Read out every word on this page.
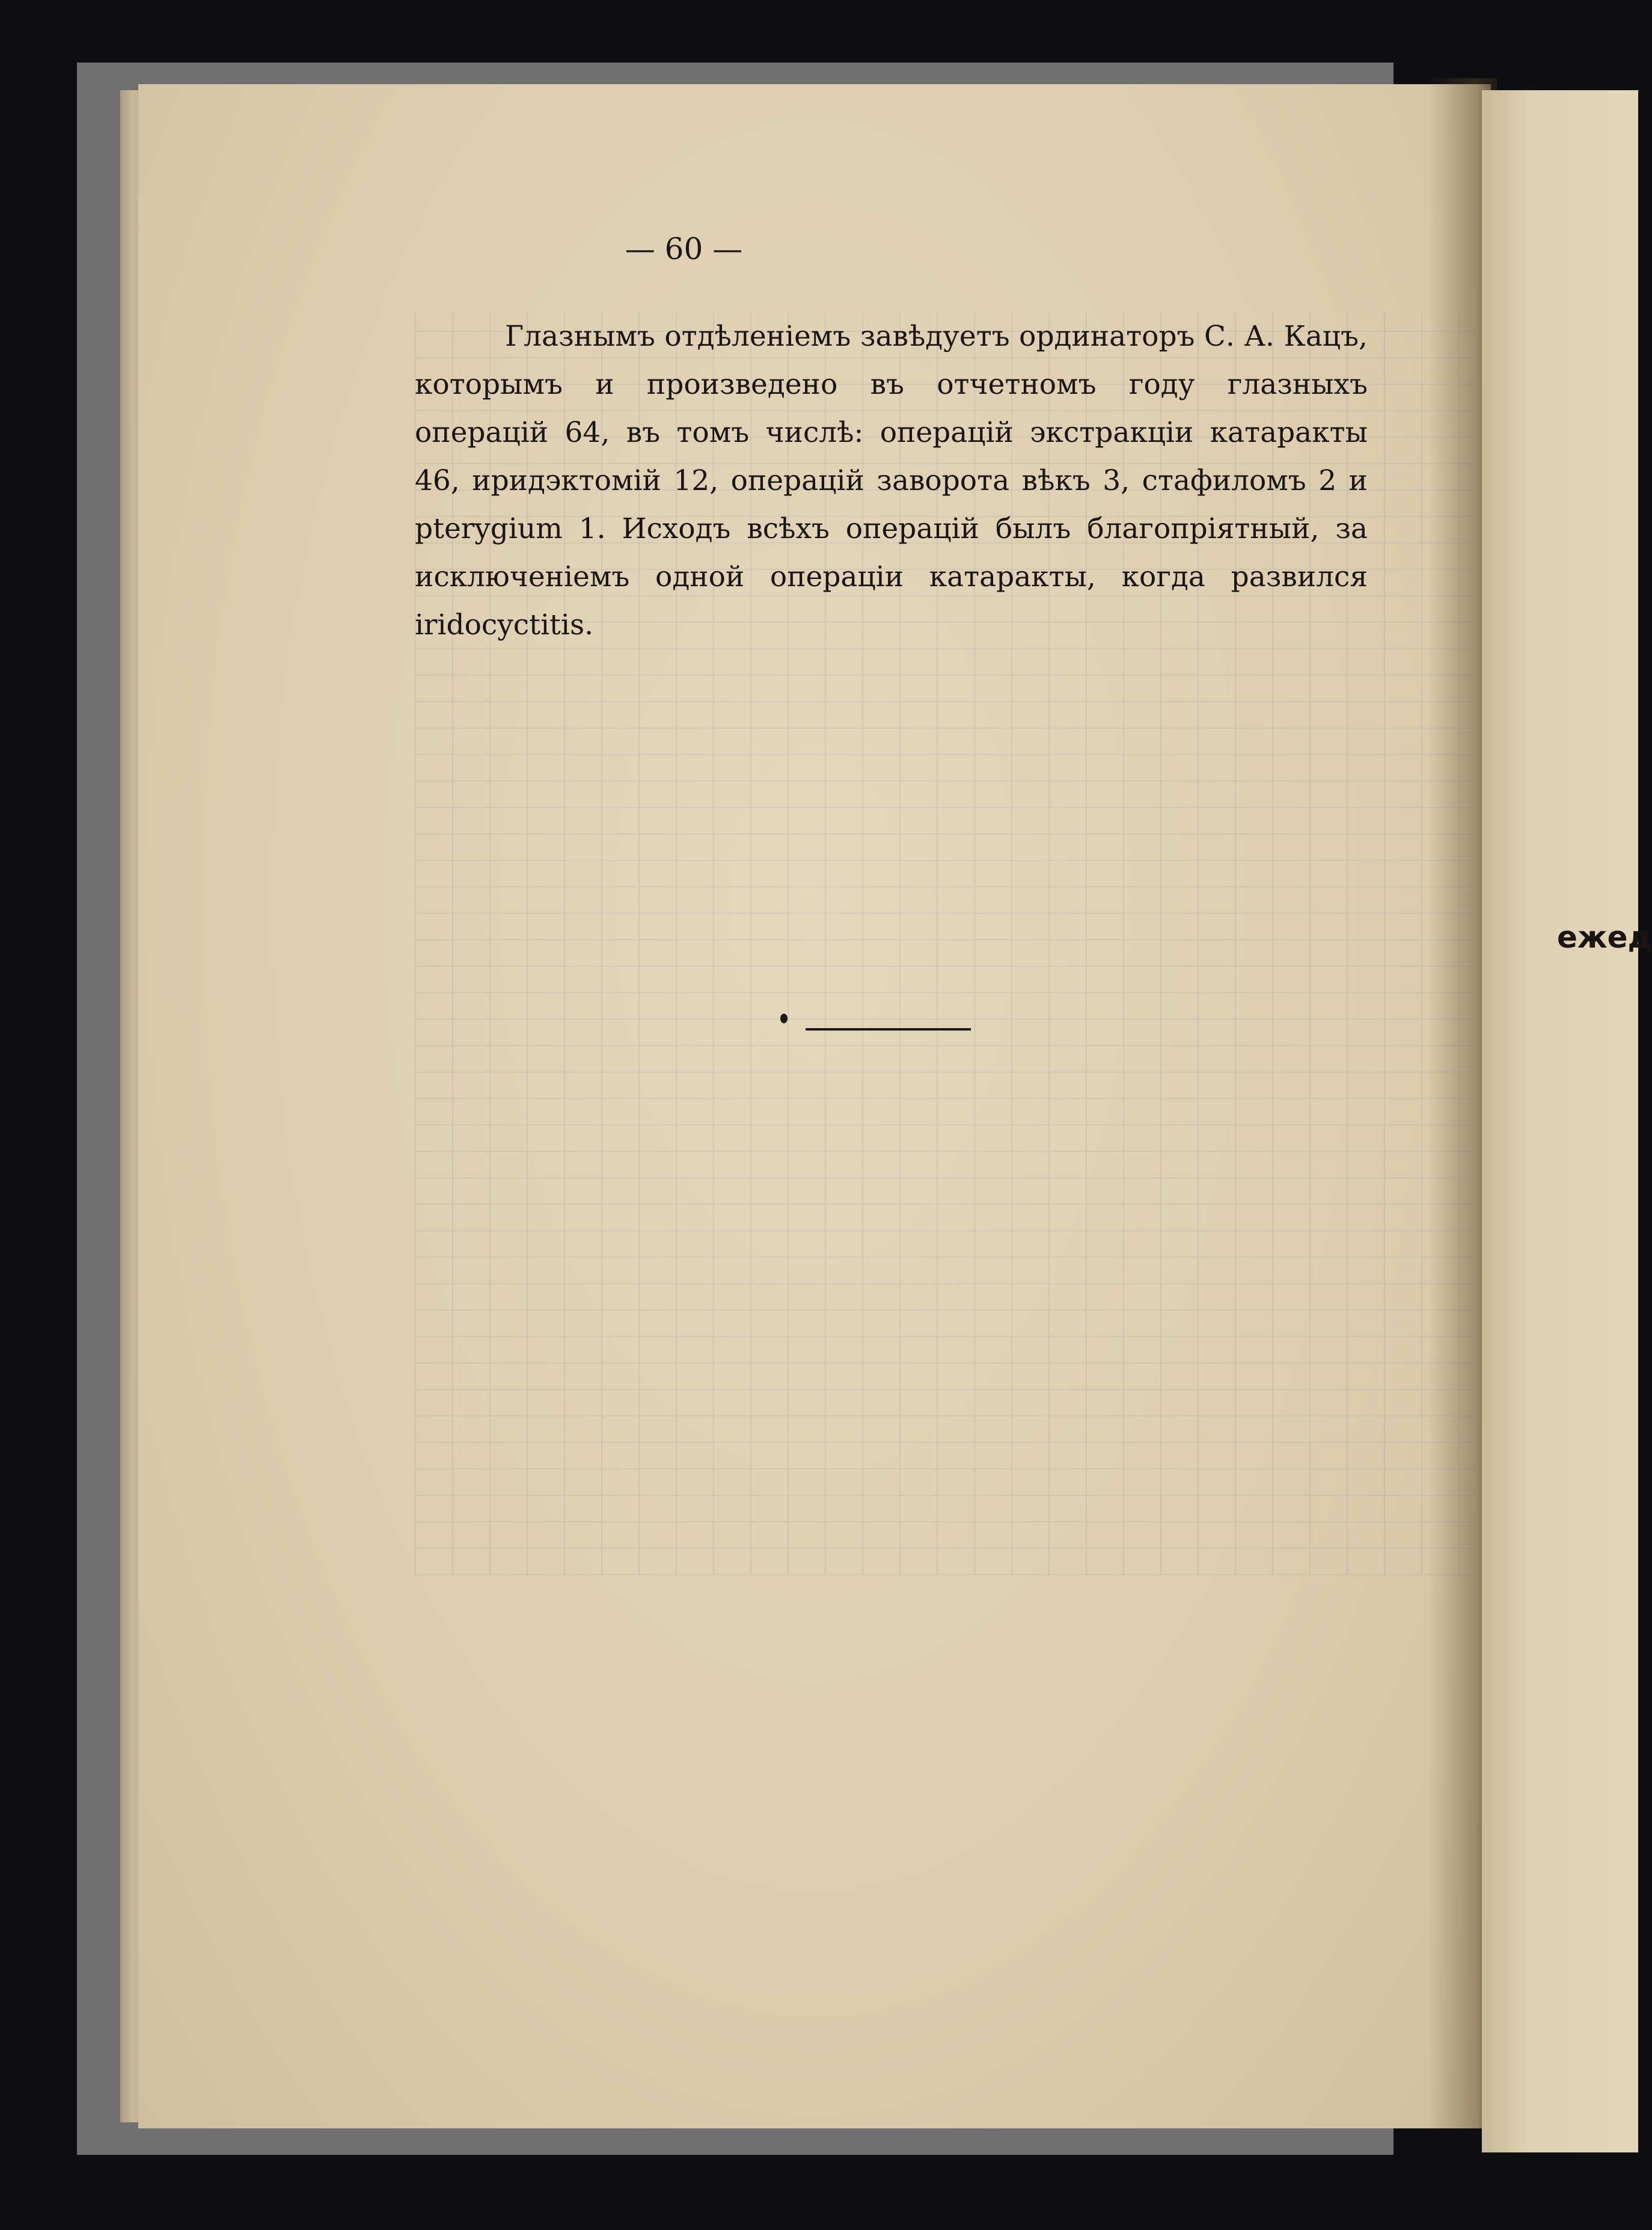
— 60 —

Глазнымъ отдѣленіемъ завѣдуетъ ординаторъ С. А. Кацъ, которымъ и произведено въ отчетномъ году глазныхъ операцій 64, въ томъ числѣ: операцій экстракціи катаракты 46, иридэктомій 12, операцій заворота вѣкъ 3, стафиломъ 2 и pterygium 1. Исходъ всѣхъ операцій былъ благопріятный, за исключеніемъ одной операціи катаракты, когда развился iridocyctitis.

ежед
